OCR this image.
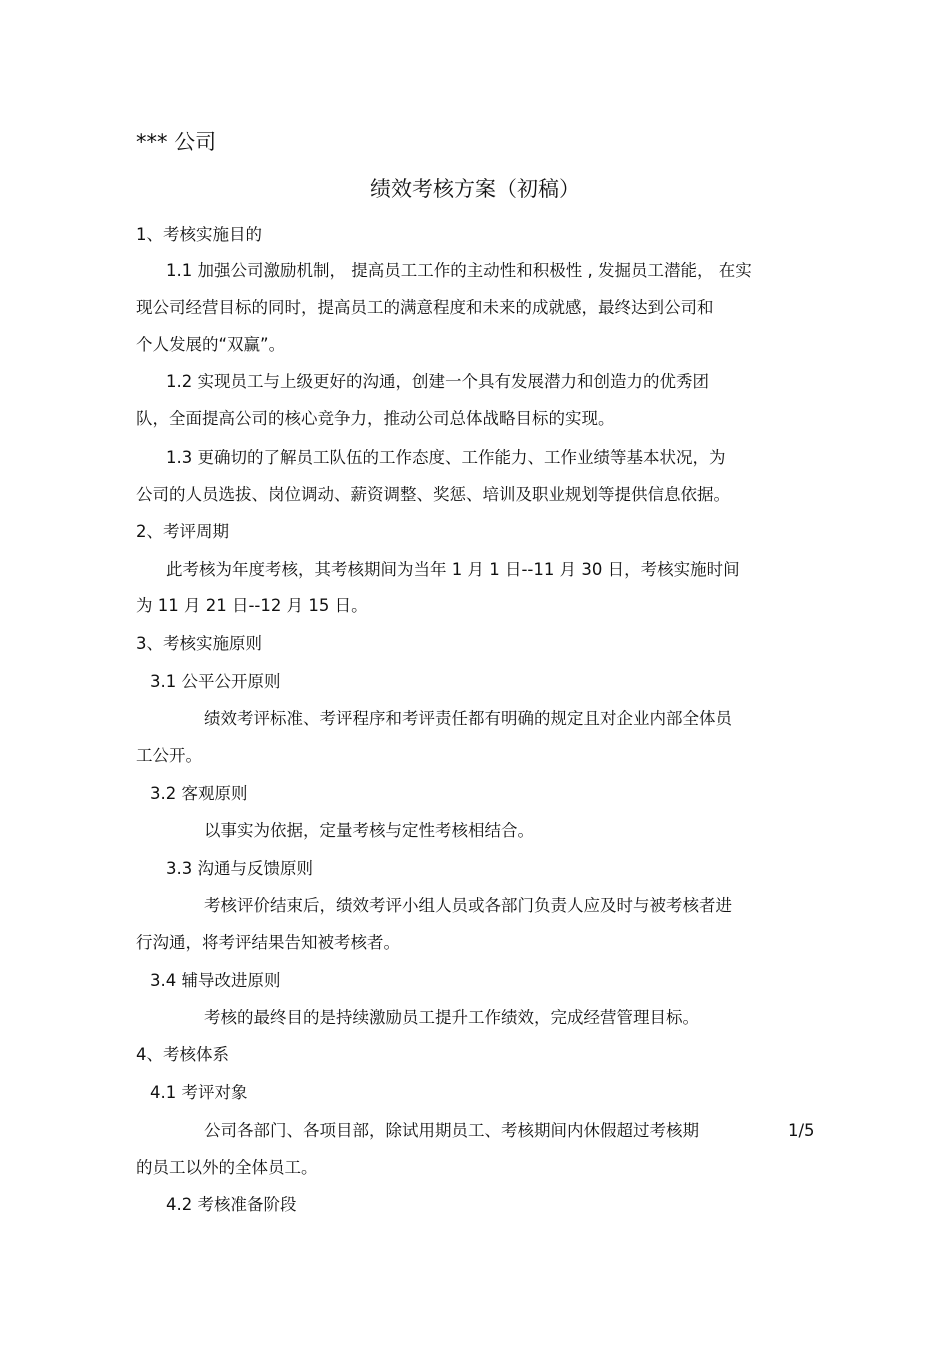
*** 公司
绩效考核方案（初稿）
1、考核实施目的
1.1 加强公司激励机制， 提高员工工作的主动性和积极性 , 发掘员工潜能， 在实
现公司经营目标的同时，提高员工的满意程度和未来的成就感，最终达到公司和
个人发展的“双赢”。
1.2 实现员工与上级更好的沟通，创建一个具有发展潜力和创造力的优秀团
队，全面提高公司的核心竞争力，推动公司总体战略目标的实现。
1.3 更确切的了解员工队伍的工作态度、工作能力、工作业绩等基本状况，为
公司的人员选拔、岗位调动、薪资调整、奖惩、培训及职业规划等提供信息依据。
2、考评周期
此考核为年度考核，其考核期间为当年 1 月 1 日--11 月 30 日，考核实施时间
为 11 月 21 日--12 月 15 日。
3、考核实施原则
3.1 公平公开原则
绩效考评标准、考评程序和考评责任都有明确的规定且对企业内部全体员
工公开。
3.2 客观原则
以事实为依据，定量考核与定性考核相结合。
3.3 沟通与反馈原则
考核评价结束后，绩效考评小组人员或各部门负责人应及时与被考核者进
行沟通，将考评结果告知被考核者。
3.4 辅导改进原则
考核的最终目的是持续激励员工提升工作绩效，完成经营管理目标。
4、考核体系
4.1 考评对象
公司各部门、各项目部，除试用期员工、考核期间内休假超过考核期	1/5
的员工以外的全体员工。
4.2 考核准备阶段
